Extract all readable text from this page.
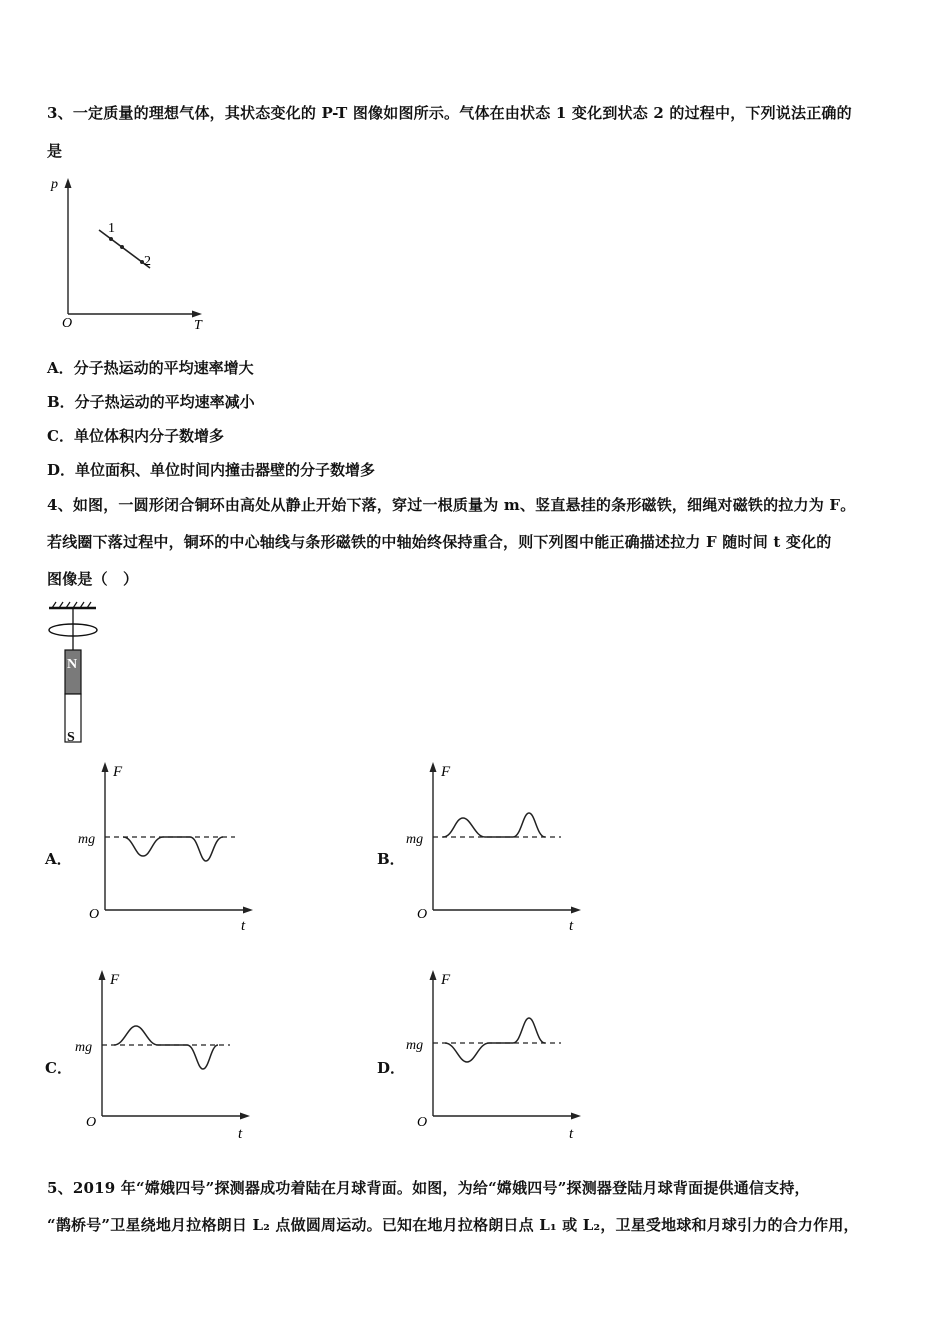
3、一定质量的理想气体，其状态变化的 P-T 图像如图所示。气体在由状态 1 变化到状态 2 的过程中，下列说法正确的
是
p
T
O
1
2
A．分子热运动的平均速率增大
B．分子热运动的平均速率减小
C．单位体积内分子数增多
D．单位面积、单位时间内撞击器壁的分子数增多
4、如图，一圆形闭合铜环由高处从静止开始下落，穿过一根质量为 m、竖直悬挂的条形磁铁，细绳对磁铁的拉力为 F。
若线圈下落过程中，铜环的中心轴线与条形磁铁的中轴始终保持重合，则下列图中能正确描述拉力 F 随时间 t 变化的
图像是（　）
N
S
A．
F
t
O
mg
B．
F
t
O
mg
C．
F
t
O
mg
D．
F
t
O
mg
5、2019 年“嫦娥四号”探测器成功着陆在月球背面。如图，为给“嫦娥四号”探测器登陆月球背面提供通信支持，
“鹊桥号”卫星绕地月拉格朗日 L₂ 点做圆周运动。已知在地月拉格朗日点 L₁ 或 L₂，卫星受地球和月球引力的合力作用，
